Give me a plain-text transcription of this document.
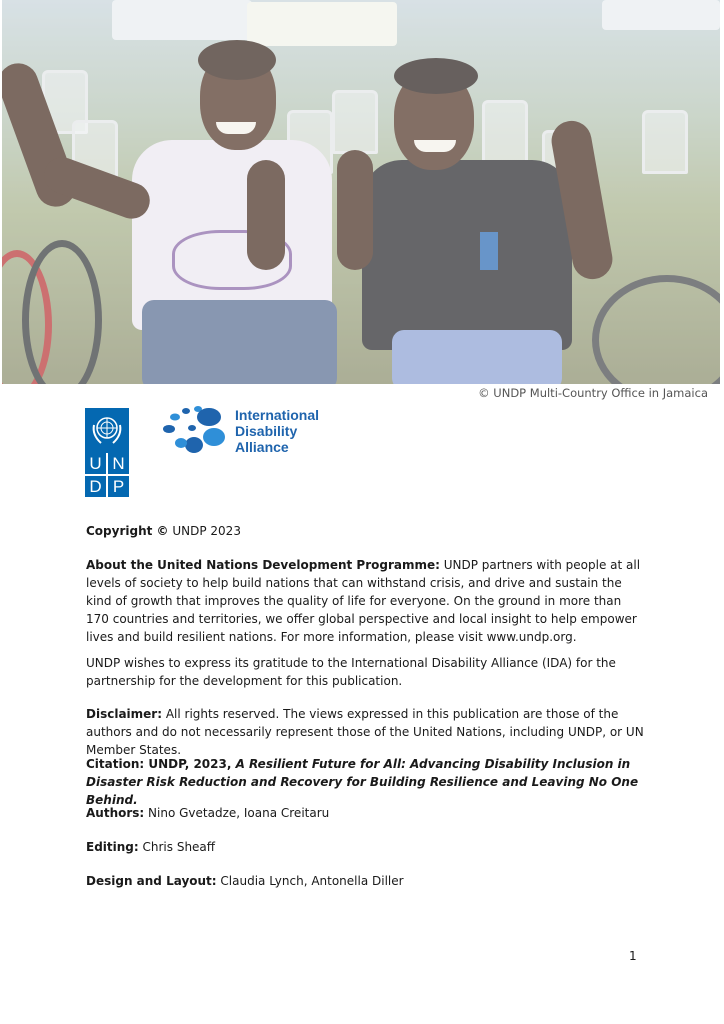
© UNDP Multi-Country Office in Jamaica
U N
D P
International
Disability
Alliance

Copyright © UNDP 2023

About the United Nations Development Programme: UNDP partners with people at all levels of society to help build nations that can withstand crisis, and drive and sustain the kind of growth that improves the quality of life for everyone. On the ground in more than 170 countries and territories, we offer global perspective and local insight to help empower lives and build resilient nations. For more information, please visit www.undp.org.

UNDP wishes to express its gratitude to the International Disability Alliance (IDA) for the partnership for the development for this publication.

Disclaimer: All rights reserved. The views expressed in this publication are those of the authors and do not necessarily represent those of the United Nations, including UNDP, or UN Member States.

Citation: UNDP, 2023, A Resilient Future for All: Advancing Disability Inclusion in Disaster Risk Reduction and Recovery for Building Resilience and Leaving No One Behind.

Authors: Nino Gvetadze, Ioana Creitaru

Editing: Chris Sheaff

Design and Layout: Claudia Lynch, Antonella Diller

1
